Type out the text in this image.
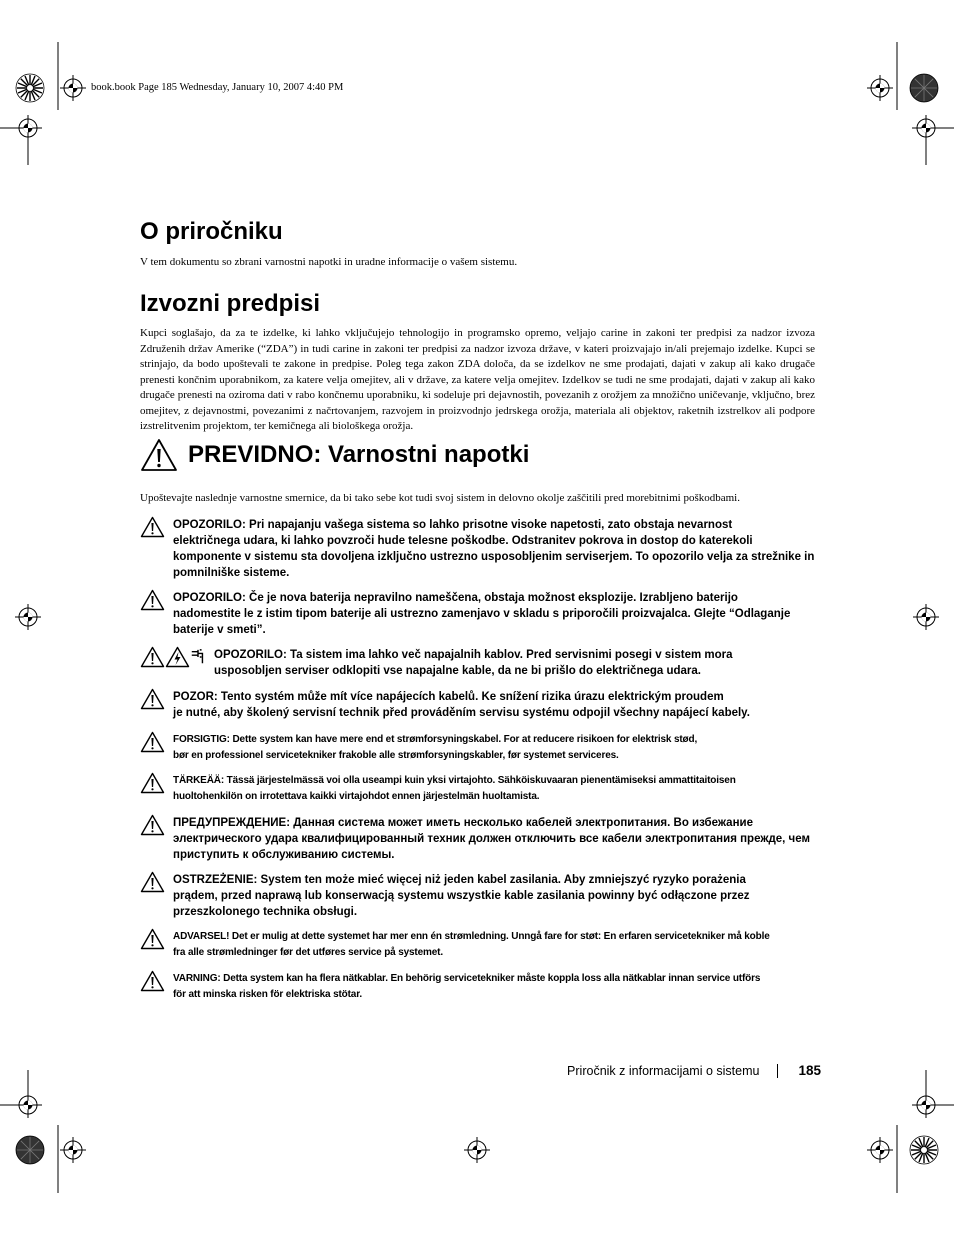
book.book Page 185 Wednesday, January 10, 2007 4:40 PM
O priročniku

V tem dokumentu so zbrani varnostni napotki in uradne informacije o vašem sistemu.

Izvozni predpisi

Kupci soglašajo, da za te izdelke, ki lahko vključujejo tehnologijo in programsko opremo, veljajo carine in zakoni ter predpisi za nadzor izvoza Združenih držav Amerike (“ZDA”) in tudi carine in zakoni ter predpisi za nadzor izvoza države, v kateri proizvajajo in/ali prejemajo izdelke. Kupci se strinjajo, da bodo upoštevali te zakone in predpise. Poleg tega zakon ZDA določa, da se izdelkov ne sme prodajati, dajati v zakup ali kako drugače prenesti končnim uporabnikom, za katere velja omejitev, ali v države, za katere velja omejitev. Izdelkov se tudi ne sme prodajati, dajati v zakup ali kako drugače prenesti na oziroma dati v rabo končnemu uporabniku, ki sodeluje pri dejavnostih, povezanih z orožjem za množično uničevanje, vključno, brez omejitev, z dejavnostmi, povezanimi z načrtovanjem, razvojem in proizvodnjo jedrskega orožja, materiala ali objektov, raketnih izstrelkov ali podpore izstrelitvenim projektom, ter kemičnega ali biološkega orožja.

PREVIDNO: Varnostni napotki

Upoštevajte naslednje varnostne smernice, da bi tako sebe kot tudi svoj sistem in delovno okolje zaščitili pred morebitnimi poškodbami.

OPOZORILO: Pri napajanju vašega sistema so lahko prisotne visoke napetosti, zato obstaja nevarnost
električnega udara, ki lahko povzroči hude telesne poškodbe. Odstranitev pokrova in dostop do katerekoli komponente v sistemu sta dovoljena izključno ustrezno usposobljenim serviserjem. To opozorilo velja za strežnike in pomnilniške sisteme.
OPOZORILO: Če je nova baterija nepravilno nameščena, obstaja možnost eksplozije. Izrabljeno baterijo
nadomestite le z istim tipom baterije ali ustrezno zamenjavo v skladu s priporočili proizvajalca. Glejte “Odlaganje baterije v smeti”.
OPOZORILO: Ta sistem ima lahko več napajalnih kablov. Pred servisnimi posegi v sistem mora
usposobljen serviser odklopiti vse napajalne kable, da ne bi prišlo do električnega udara.
POZOR: Tento systém může mít více napájecích kabelů. Ke snížení rizika úrazu elektrickým proudem
je nutné, aby školený servisní technik před prováděním servisu systému odpojil všechny napájecí kabely.
FORSIGTIG: Dette system kan have mere end et strømforsyningskabel. For at reducere risikoen for elektrisk stød,
bør en professionel servicetekniker frakoble alle strømforsyningskabler, før systemet serviceres.
TÄRKEÄÄ: Tässä järjestelmässä voi olla useampi kuin yksi virtajohto. Sähköiskuvaaran pienentämiseksi ammattitaitoisen
huoltohenkilön on irrotettava kaikki virtajohdot ennen järjestelmän huoltamista.
ПРЕДУПРЕЖДЕНИЕ: Данная система может иметь несколько кабелей электропитания. Во избежание
электрического удара квалифицированный техник должен отключить все кабели электропитания прежде, чем приступить к обслуживанию системы.
OSTRZEŻENIE: System ten może mieć więcej niż jeden kabel zasilania. Aby zmniejszyć ryzyko porażenia
prądem, przed naprawą lub konserwacją systemu wszystkie kable zasilania powinny być odłączone przez przeszkolonego technika obsługi.
ADVARSEL! Det er mulig at dette systemet har mer enn én strømledning. Unngå fare for støt: En erfaren servicetekniker må koble
fra alle strømledninger før det utføres service på systemet.
VARNING: Detta system kan ha flera nätkablar. En behörig servicetekniker måste koppla loss alla nätkablar innan service utförs
för att minska risken för elektriska stötar.
Priročnik z informacijami o sistemu	185
